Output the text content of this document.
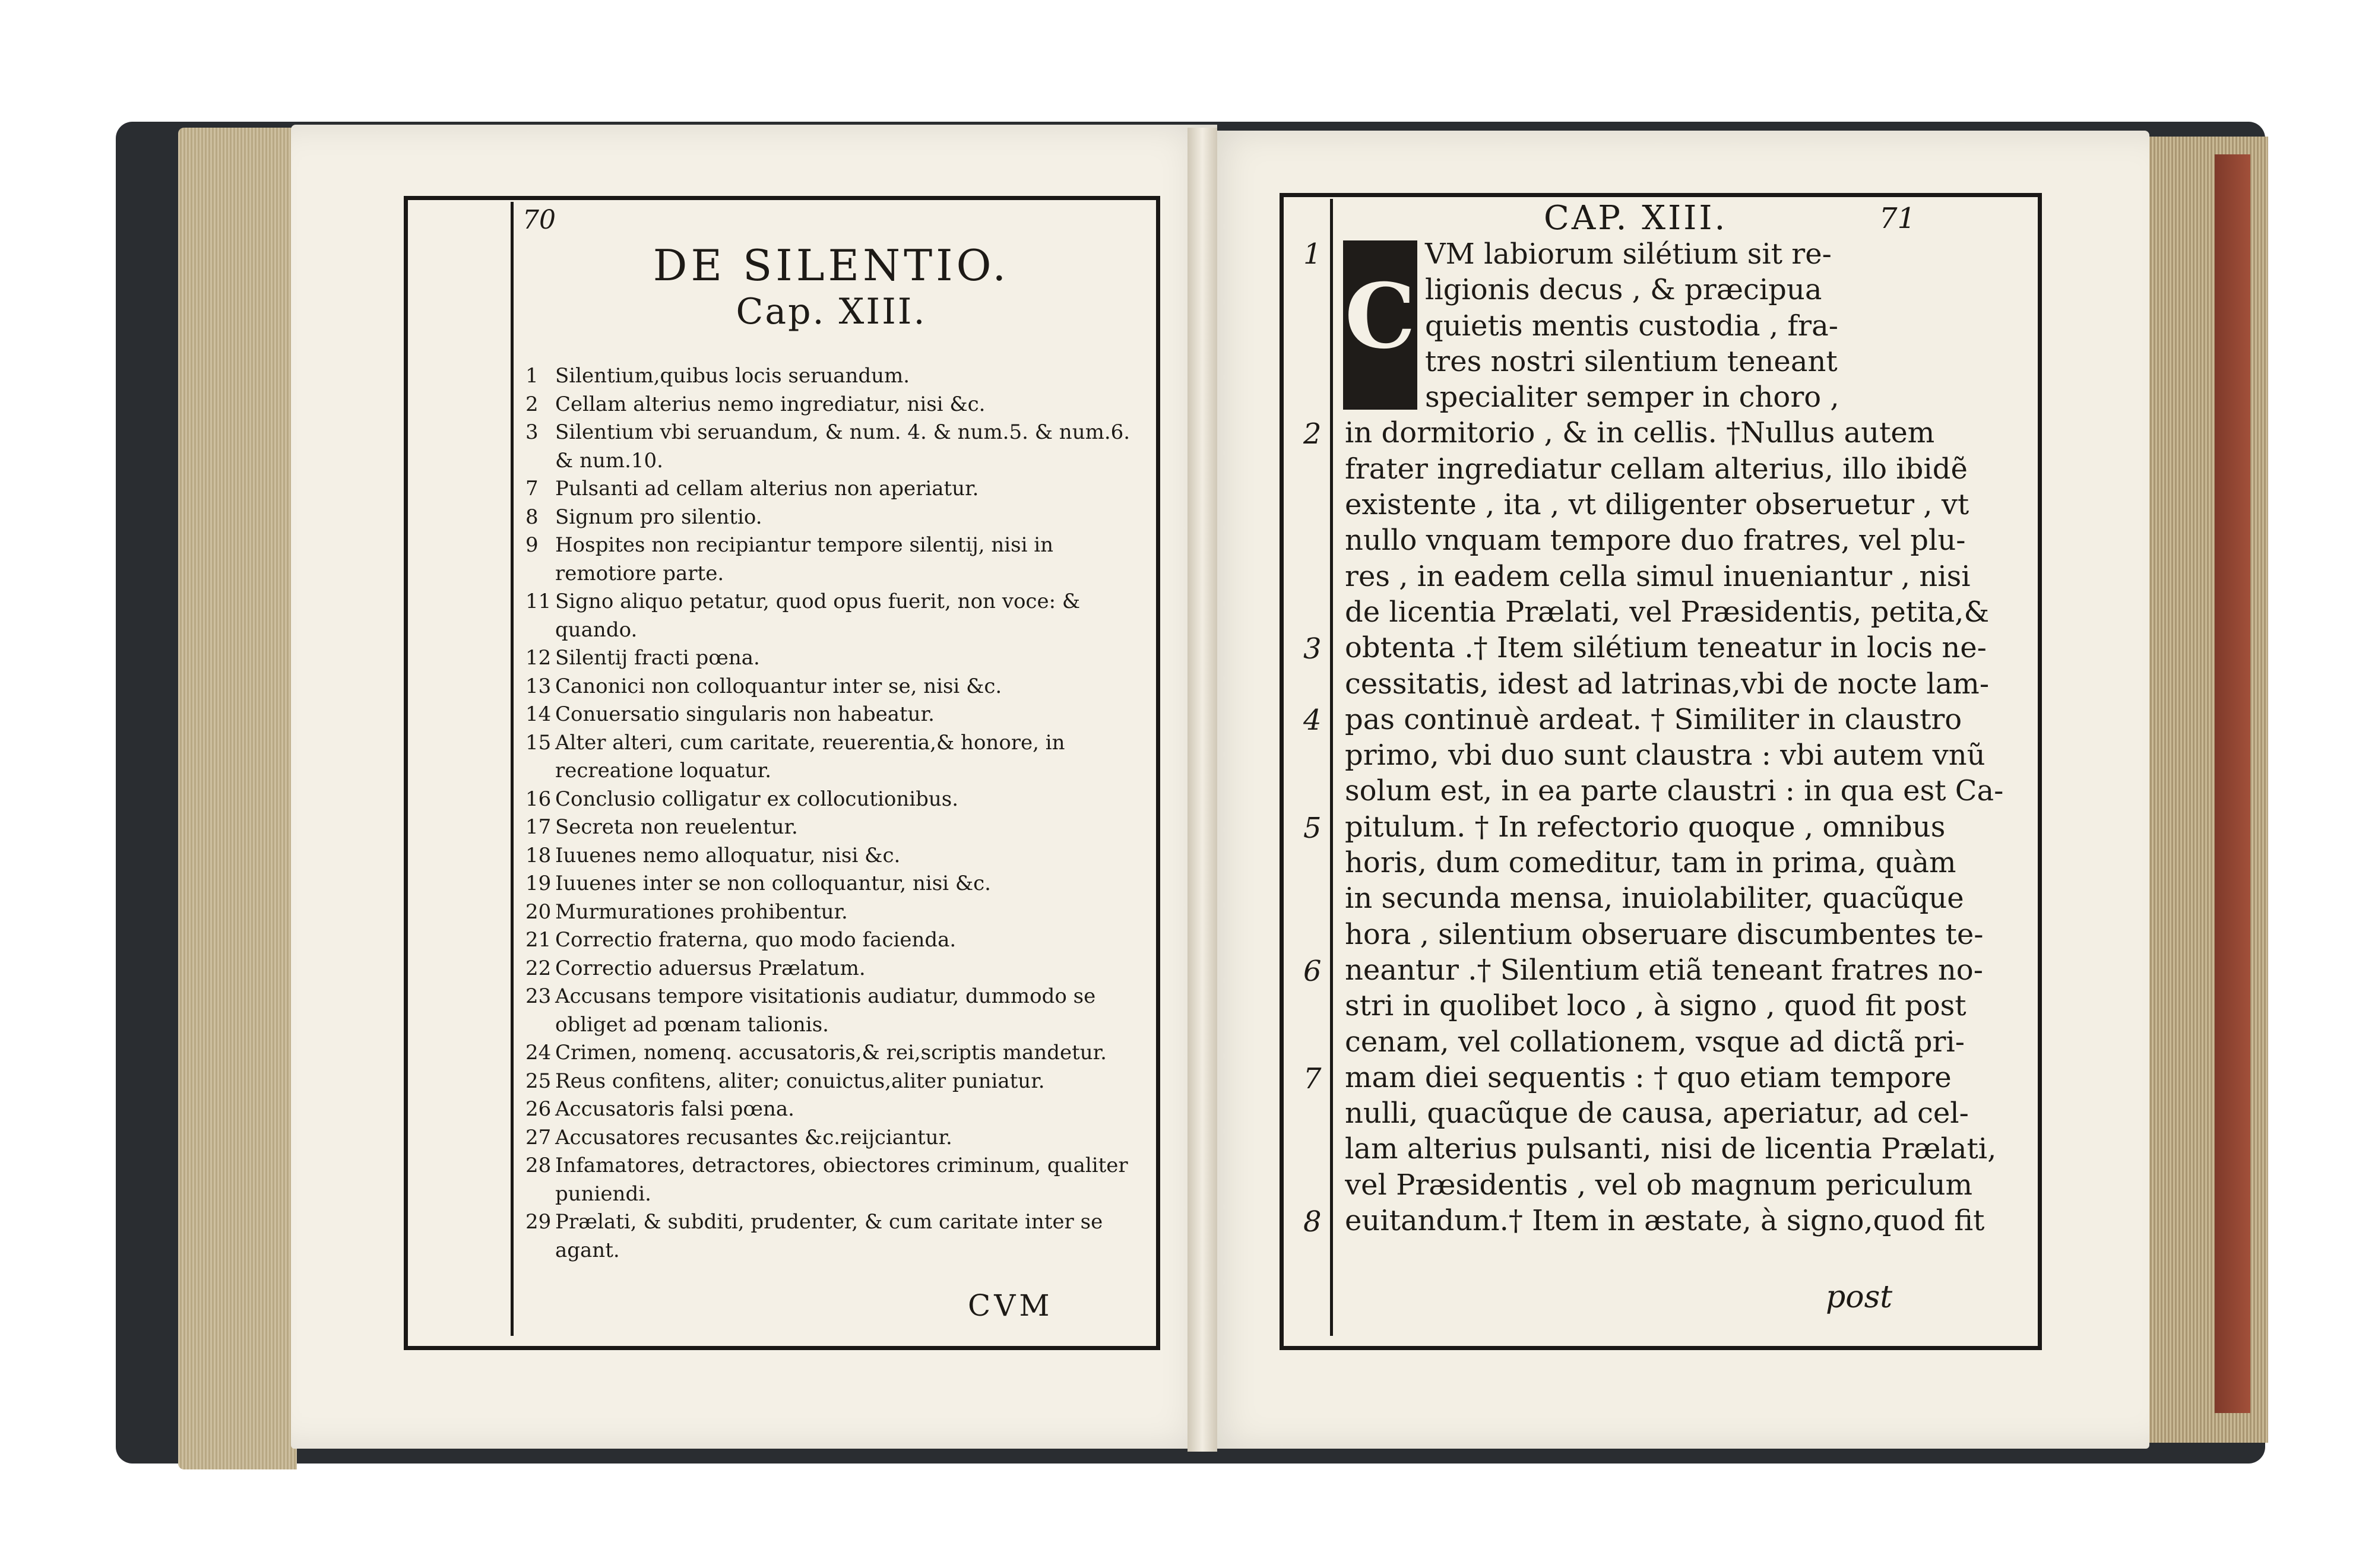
70
DE SILENTIO.
Cap. XIII.
1 Silentium,quibus locis seruandum.
2 Cellam alterius nemo ingrediatur, nisi &c.
3 Silentium vbi seruandum, & num. 4. & num.5. & num.6. & num.10.
7 Pulsanti ad cellam alterius non aperiatur.
8 Signum pro silentio.
9 Hospites non recipiantur tempore silentij, nisi in remotiore parte.
11 Signo aliquo petatur, quod opus fuerit, non voce: & quando.
12 Silentij fracti pœna.
13 Canonici non colloquantur inter se, nisi &c.
14 Conuersatio singularis non habeatur.
15 Alter alteri, cum caritate, reuerentia,& honore, in recreatione loquatur.
16 Conclusio colligatur ex collocutionibus.
17 Secreta non reuelentur.
18 Iuuenes nemo alloquatur, nisi &c.
19 Iuuenes inter se non colloquantur, nisi &c.
20 Murmurationes prohibentur.
21 Correctio fraterna, quo modo facienda.
22 Correctio aduersus Prælatum.
23 Accusans tempore visitationis audiatur, dummodo se obliget ad pœnam talionis.
24 Crimen, nomenq. accusatoris,& rei,scriptis mandetur.
25 Reus confitens, aliter; conuictus,aliter puniatur.
26 Accusatoris falsi pœna.
27 Accusatores recusantes &c.reijciantur.
28 Infamatores, detractores, obiectores criminum, qualiter puniendi.
29 Prælati, & subditi, prudenter, & cum caritate inter se agant.
CVM
CAP. XIII.	71
C
VM labiorum silétium sit re-
ligionis decus , & præcipua
quietis mentis custodia , fra-
tres nostri silentium teneant
specialiter semper in choro ,
in dormitorio , & in cellis. †Nullus autem
frater ingrediatur cellam alterius, illo ibidẽ
existente , ita , vt diligenter obseruetur , vt
nullo vnquam tempore duo fratres, vel plu-
res , in eadem cella simul inueniantur , nisi
de licentia Prælati, vel Præsidentis, petita,&
obtenta .† Item silétium teneatur in locis ne-
cessitatis, idest ad latrinas,vbi de nocte lam-
pas continuè ardeat. † Similiter in claustro
primo, vbi duo sunt claustra : vbi autem vnũ
solum est, in ea parte claustri : in qua est Ca-
pitulum. † In refectorio quoque , omnibus
horis, dum comeditur, tam in prima, quàm
in secunda mensa, inuiolabiliter, quacũque
hora , silentium obseruare discumbentes te-
neantur .† Silentium etiã teneant fratres no-
stri in quolibet loco , à signo , quod fit post
cenam, vel collationem, vsque ad dictã pri-
mam diei sequentis : † quo etiam tempore
nulli, quacũque de causa, aperiatur, ad cel-
lam alterius pulsanti, nisi de licentia Prælati,
vel Præsidentis , vel ob magnum periculum
euitandum.† Item in æstate, à signo,quod fit
1
2
3
4
5
6
7
8
post
